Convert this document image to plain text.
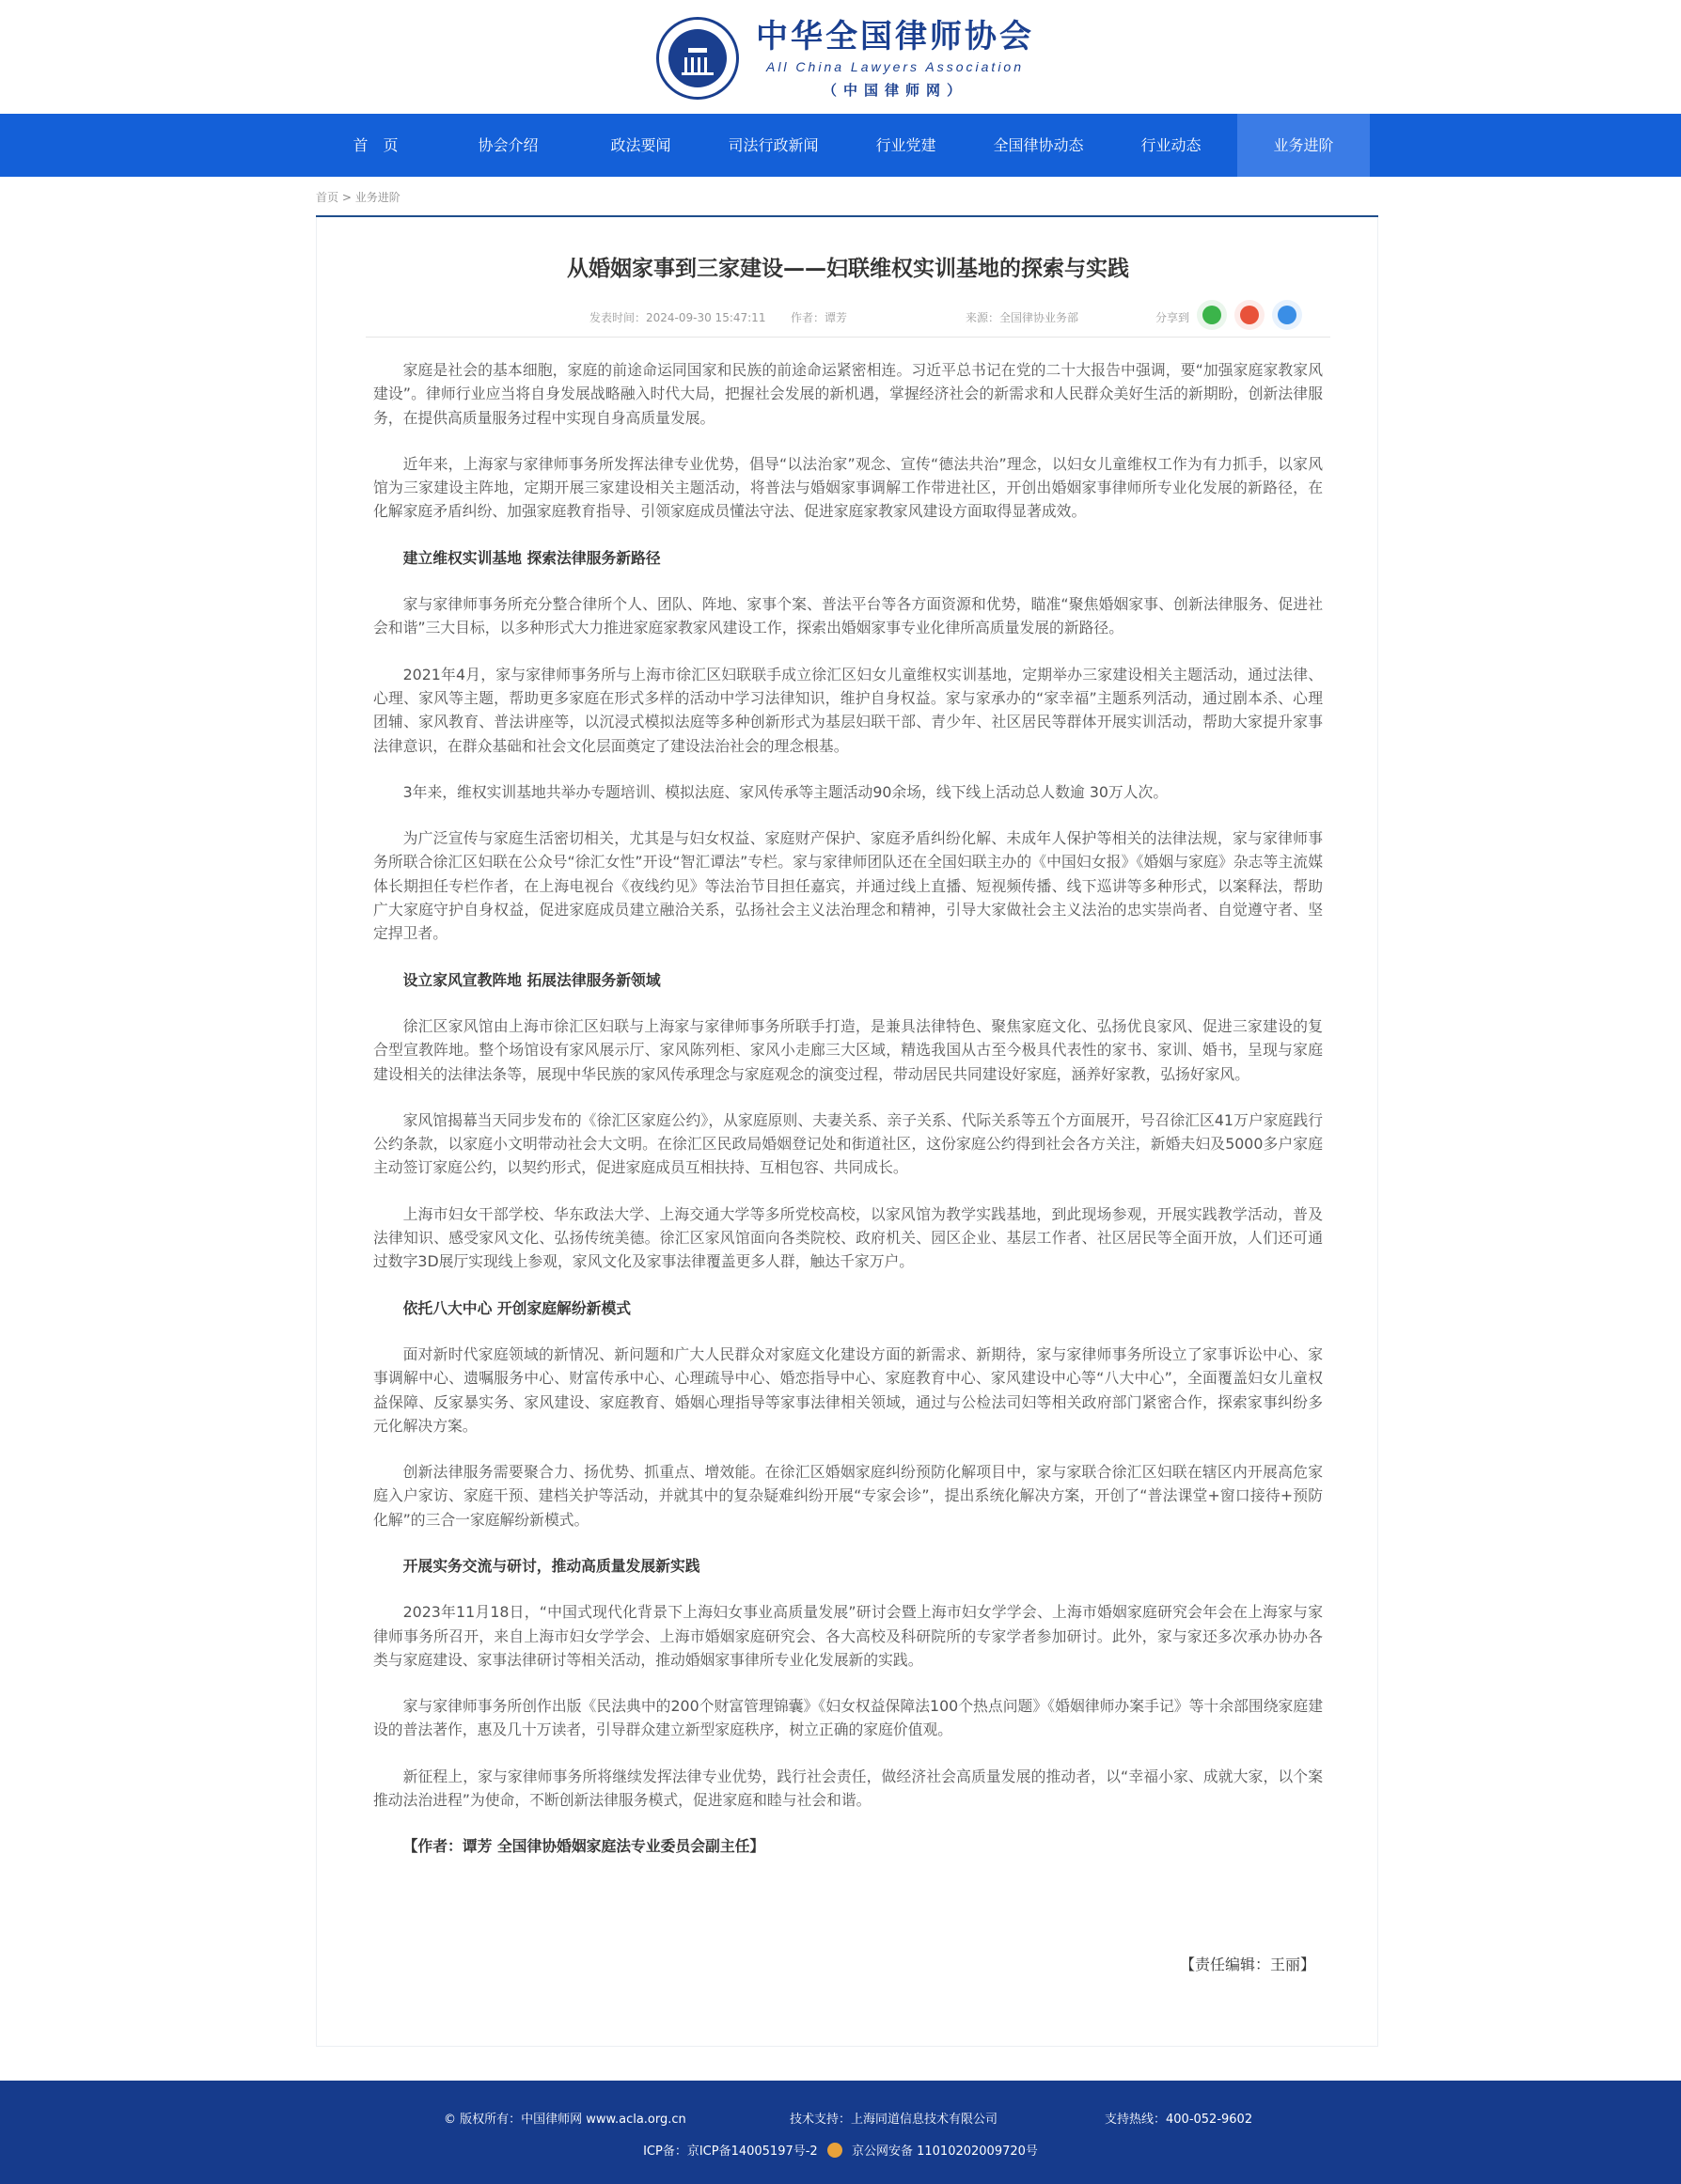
中华全国律师协会
All China Lawyers Association
（中国律师网）
首　页	协会介绍	政法要闻	司法行政新闻	行业党建	全国律协动态	行业动态	业务进阶
首页 > 业务进阶
从婚姻家事到三家建设——妇联维权实训基地的探索与实践
发表时间：2024-09-30 15:47:11 作者：谭芳	来源：全国律协业务部	分享到

家庭是社会的基本细胞，家庭的前途命运同国家和民族的前途命运紧密相连。习近平总书记在党的二十大报告中强调，要“加强家庭家教家风建设”。律师行业应当将自身发展战略融入时代大局，把握社会发展的新机遇，掌握经济社会的新需求和人民群众美好生活的新期盼，创新法律服务，在提供高质量服务过程中实现自身高质量发展。

近年来，上海家与家律师事务所发挥法律专业优势，倡导“以法治家”观念、宣传“德法共治”理念，以妇女儿童维权工作为有力抓手，以家风馆为三家建设主阵地，定期开展三家建设相关主题活动，将普法与婚姻家事调解工作带进社区，开创出婚姻家事律师所专业化发展的新路径，在化解家庭矛盾纠纷、加强家庭教育指导、引领家庭成员懂法守法、促进家庭家教家风建设方面取得显著成效。

建立维权实训基地 探索法律服务新路径

家与家律师事务所充分整合律所个人、团队、阵地、家事个案、普法平台等各方面资源和优势，瞄准“聚焦婚姻家事、创新法律服务、促进社会和谐”三大目标，以多种形式大力推进家庭家教家风建设工作，探索出婚姻家事专业化律所高质量发展的新路径。

2021年4月，家与家律师事务所与上海市徐汇区妇联联手成立徐汇区妇女儿童维权实训基地，定期举办三家建设相关主题活动，通过法律、心理、家风等主题，帮助更多家庭在形式多样的活动中学习法律知识，维护自身权益。家与家承办的“家幸福”主题系列活动，通过剧本杀、心理团辅、家风教育、普法讲座等，以沉浸式模拟法庭等多种创新形式为基层妇联干部、青少年、社区居民等群体开展实训活动，帮助大家提升家事法律意识，在群众基础和社会文化层面奠定了建设法治社会的理念根基。

3年来，维权实训基地共举办专题培训、模拟法庭、家风传承等主题活动90余场，线下线上活动总人数逾 30万人次。

为广泛宣传与家庭生活密切相关，尤其是与妇女权益、家庭财产保护、家庭矛盾纠纷化解、未成年人保护等相关的法律法规，家与家律师事务所联合徐汇区妇联在公众号“徐汇女性”开设“智汇谭法”专栏。家与家律师团队还在全国妇联主办的《中国妇女报》《婚姻与家庭》杂志等主流媒体长期担任专栏作者，在上海电视台《夜线约见》等法治节目担任嘉宾，并通过线上直播、短视频传播、线下巡讲等多种形式，以案释法，帮助广大家庭守护自身权益，促进家庭成员建立融洽关系，弘扬社会主义法治理念和精神，引导大家做社会主义法治的忠实崇尚者、自觉遵守者、坚定捍卫者。

设立家风宣教阵地 拓展法律服务新领域

徐汇区家风馆由上海市徐汇区妇联与上海家与家律师事务所联手打造，是兼具法律特色、聚焦家庭文化、弘扬优良家风、促进三家建设的复合型宣教阵地。整个场馆设有家风展示厅、家风陈列柜、家风小走廊三大区域，精选我国从古至今极具代表性的家书、家训、婚书，呈现与家庭建设相关的法律法条等，展现中华民族的家风传承理念与家庭观念的演变过程，带动居民共同建设好家庭，涵养好家教，弘扬好家风。

家风馆揭幕当天同步发布的《徐汇区家庭公约》，从家庭原则、夫妻关系、亲子关系、代际关系等五个方面展开，号召徐汇区41万户家庭践行公约条款，以家庭小文明带动社会大文明。在徐汇区民政局婚姻登记处和街道社区，这份家庭公约得到社会各方关注，新婚夫妇及5000多户家庭主动签订家庭公约，以契约形式，促进家庭成员互相扶持、互相包容、共同成长。

上海市妇女干部学校、华东政法大学、上海交通大学等多所党校高校，以家风馆为教学实践基地，到此现场参观，开展实践教学活动，普及法律知识、感受家风文化、弘扬传统美德。徐汇区家风馆面向各类院校、政府机关、园区企业、基层工作者、社区居民等全面开放，人们还可通过数字3D展厅实现线上参观，家风文化及家事法律覆盖更多人群，触达千家万户。

依托八大中心 开创家庭解纷新模式

面对新时代家庭领域的新情况、新问题和广大人民群众对家庭文化建设方面的新需求、新期待，家与家律师事务所设立了家事诉讼中心、家事调解中心、遗嘱服务中心、财富传承中心、心理疏导中心、婚恋指导中心、家庭教育中心、家风建设中心等“八大中心”，全面覆盖妇女儿童权益保障、反家暴实务、家风建设、家庭教育、婚姻心理指导等家事法律相关领域，通过与公检法司妇等相关政府部门紧密合作，探索家事纠纷多元化解决方案。

创新法律服务需要聚合力、扬优势、抓重点、增效能。在徐汇区婚姻家庭纠纷预防化解项目中，家与家联合徐汇区妇联在辖区内开展高危家庭入户家访、家庭干预、建档关护等活动，并就其中的复杂疑难纠纷开展“专家会诊”，提出系统化解决方案，开创了“普法课堂+窗口接待+预防化解”的三合一家庭解纷新模式。

开展实务交流与研讨，推动高质量发展新实践

2023年11月18日，“中国式现代化背景下上海妇女事业高质量发展”研讨会暨上海市妇女学学会、上海市婚姻家庭研究会年会在上海家与家律师事务所召开，来自上海市妇女学学会、上海市婚姻家庭研究会、各大高校及科研院所的专家学者参加研讨。此外，家与家还多次承办协办各类与家庭建设、家事法律研讨等相关活动，推动婚姻家事律所专业化发展新的实践。

家与家律师事务所创作出版《民法典中的200个财富管理锦囊》《妇女权益保障法100个热点问题》《婚姻律师办案手记》等十余部围绕家庭建设的普法著作，惠及几十万读者，引导群众建立新型家庭秩序，树立正确的家庭价值观。

新征程上，家与家律师事务所将继续发挥法律专业优势，践行社会责任，做经济社会高质量发展的推动者，以“幸福小家、成就大家，以个案推动法治进程”为使命，不断创新法律服务模式，促进家庭和睦与社会和谐。

【作者：谭芳 全国律协婚姻家庭法专业委员会副主任】

【责任编辑：王丽】
© 版权所有：中国律师网 www.acla.org.cn	技术支持：上海同道信息技术有限公司	支持热线：400-052-9602
ICP备：京ICP备14005197号-2	京公网安备 11010202009720号
